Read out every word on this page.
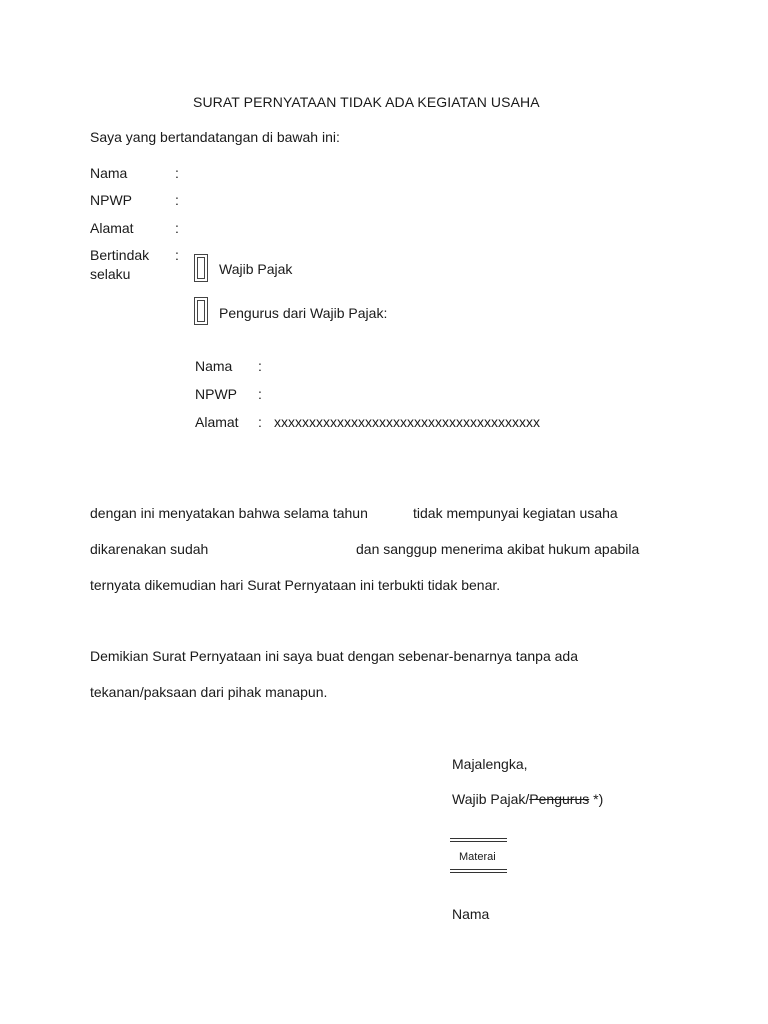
SURAT PERNYATAAN TIDAK ADA KEGIATAN USAHA
Saya yang bertandatangan di bawah ini:
Nama	:
NPWP	:
Alamat	:
Bertindak
selaku
:
Wajib Pajak
Pengurus dari Wajib Pajak:
Nama :
NPWP :
Alamat : xxxxxxxxxxxxxxxxxxxxxxxxxxxxxxxxxxxxxx
dengan ini menyatakan bahwa selama tahun	tidak mempunyai kegiatan usaha
dikarenakan sudah	dan sanggup menerima akibat hukum apabila
ternyata dikemudian hari Surat Pernyataan ini terbukti tidak benar.
Demikian Surat Pernyataan ini saya buat dengan sebenar-benarnya tanpa ada
tekanan/paksaan dari pihak manapun.
Majalengka,
Wajib Pajak/Pengurus *)
Materai
Nama
